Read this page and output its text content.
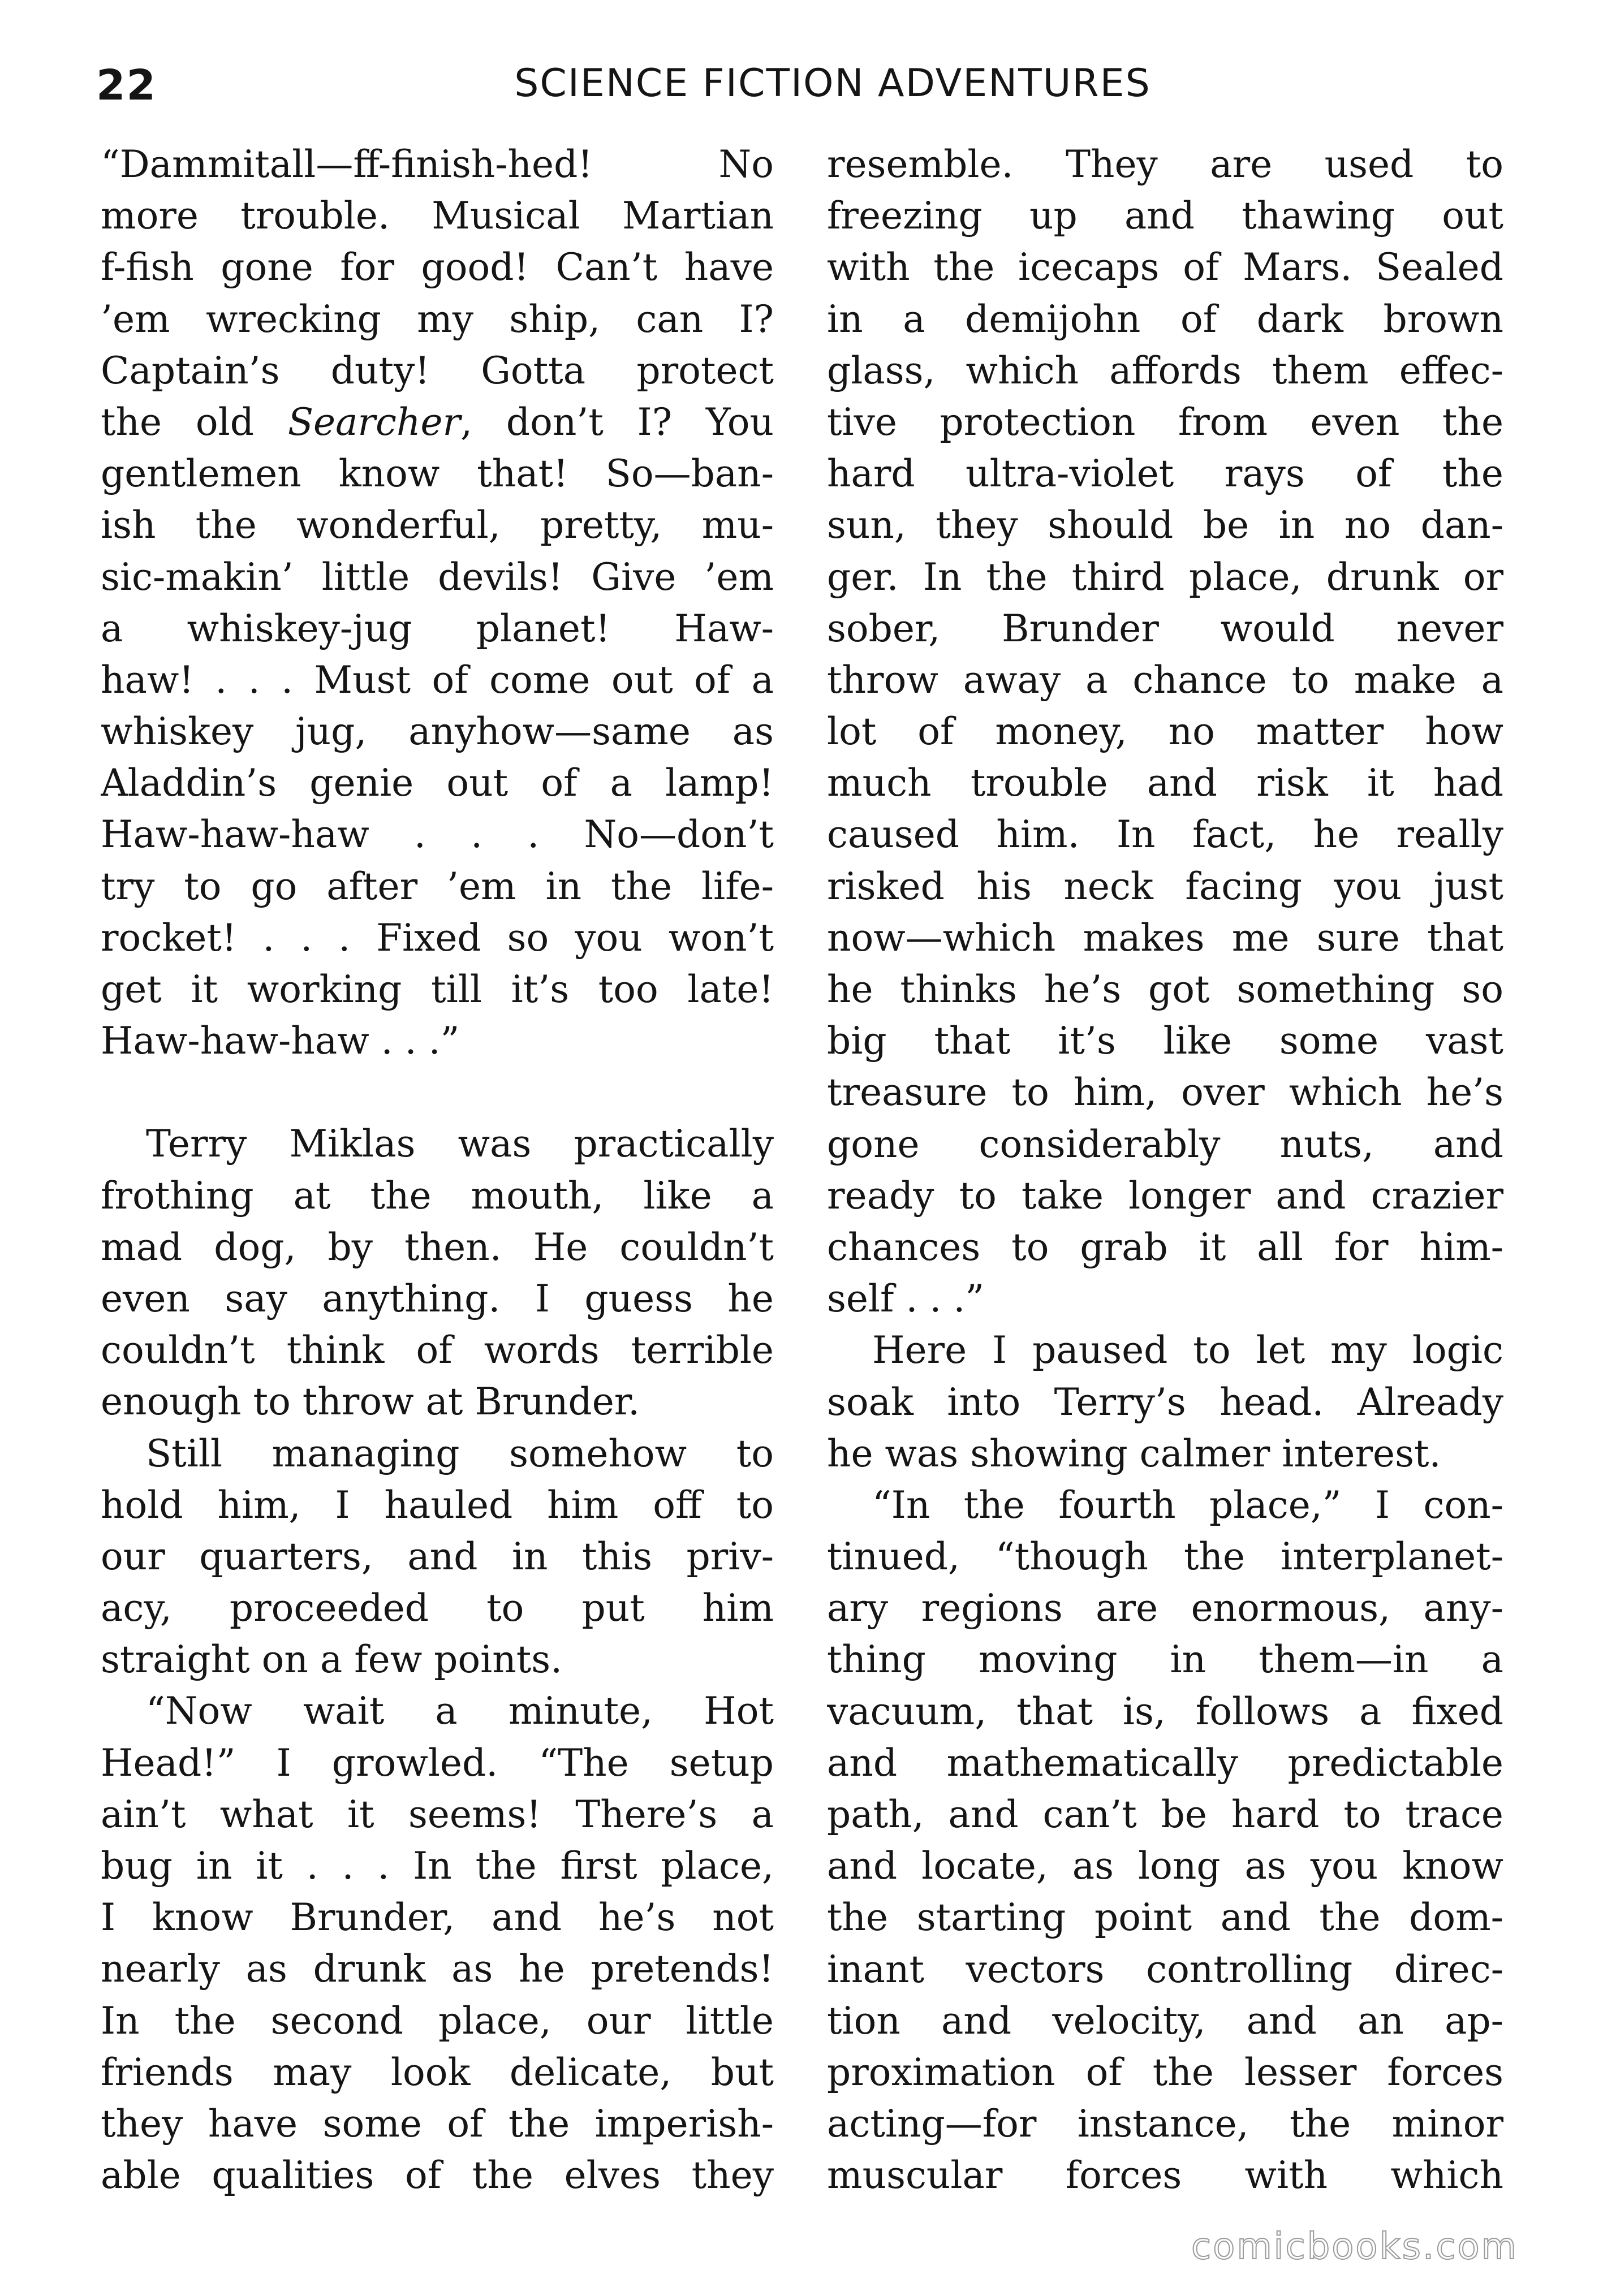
22	SCIENCE FICTION ADVENTURES
“Dammitall—ff-finish-hed! No
more trouble. Musical Martian
f-fish gone for good! Can’t have
’em wrecking my ship, can I?
Captain’s duty! Gotta protect
the old Searcher, don’t I? You
gentlemen know that! So—ban-
ish the wonderful, pretty, mu-
sic-makin’ little devils! Give ’em
a whiskey-jug planet! Haw-
haw! . . . Must of come out of a
whiskey jug, anyhow—same as
Aladdin’s genie out of a lamp!
Haw-haw-haw . . . No—don’t
try to go after ’em in the life-
rocket! . . . Fixed so you won’t
get it working till it’s too late!
Haw-haw-haw . . .”
Terry Miklas was practically
frothing at the mouth, like a
mad dog, by then. He couldn’t
even say anything. I guess he
couldn’t think of words terrible
enough to throw at Brunder.
Still managing somehow to
hold him, I hauled him off to
our quarters, and in this priv-
acy, proceeded to put him
straight on a few points.
“Now wait a minute, Hot
Head!” I growled. “The setup
ain’t what it seems! There’s a
bug in it . . . In the first place,
I know Brunder, and he’s not
nearly as drunk as he pretends!
In the second place, our little
friends may look delicate, but
they have some of the imperish-
able qualities of the elves they
resemble. They are used to
freezing up and thawing out
with the icecaps of Mars. Sealed
in a demijohn of dark brown
glass, which affords them effec-
tive protection from even the
hard ultra-violet rays of the
sun, they should be in no dan-
ger. In the third place, drunk or
sober, Brunder would never
throw away a chance to make a
lot of money, no matter how
much trouble and risk it had
caused him. In fact, he really
risked his neck facing you just
now—which makes me sure that
he thinks he’s got something so
big that it’s like some vast
treasure to him, over which he’s
gone considerably nuts, and
ready to take longer and crazier
chances to grab it all for him-
self . . .”
Here I paused to let my logic
soak into Terry’s head. Already
he was showing calmer interest.
“In the fourth place,” I con-
tinued, “though the interplanet-
ary regions are enormous, any-
thing moving in them—in a
vacuum, that is, follows a fixed
and mathematically predictable
path, and can’t be hard to trace
and locate, as long as you know
the starting point and the dom-
inant vectors controlling direc-
tion and velocity, and an ap-
proximation of the lesser forces
acting—for instance, the minor
muscular forces with which
comicbooks.com
